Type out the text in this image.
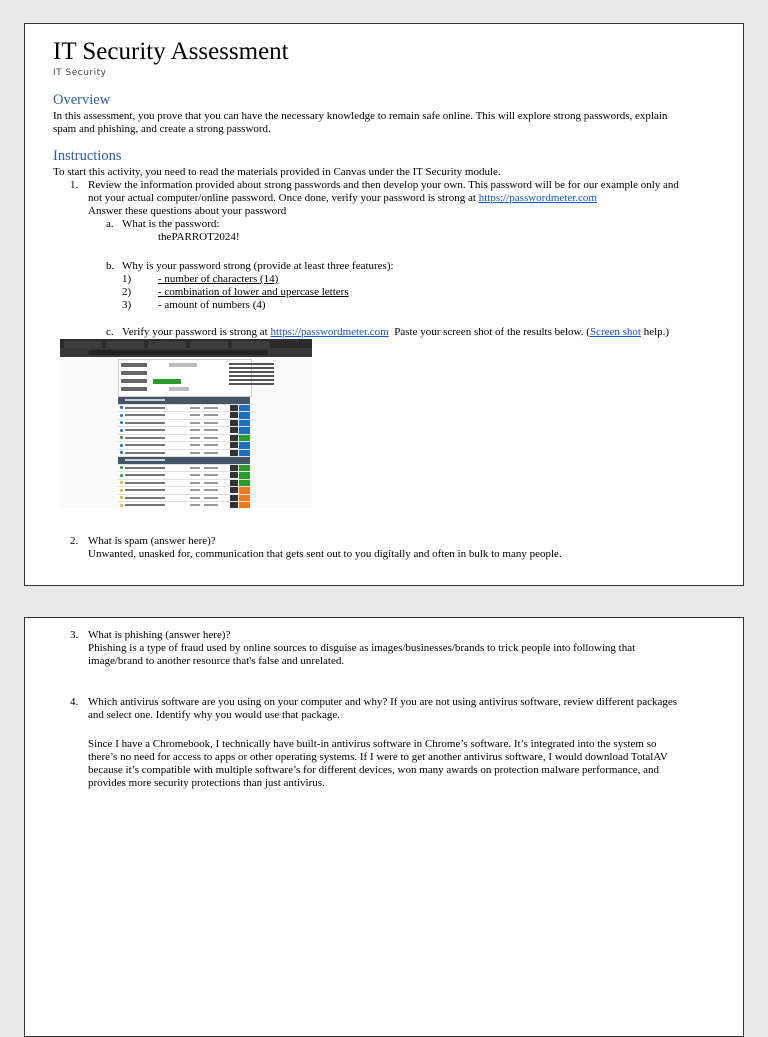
IT Security Assessment
IT Security
Overview
In this assessment, you prove that you can have the necessary knowledge to remain safe online. This will explore strong passwords, explain
spam and phishing, and create a strong password.
Instructions
To start this activity, you need to read the materials provided in Canvas under the IT Security module.
1. Review the information provided about strong passwords and then develop your own. This password will be for our example only and
not your actual computer/online password. Once done, verify your password is strong at https://passwordmeter.com
Answer these questions about your password
a. What is the password:
thePARROT2024!
b. Why is your password strong (provide at least three features):
1) - number of characters (14)
2) - combination of lower and upercase letters
3) - amount of numbers (4)
c. Verify your password is strong at https://passwordmeter.com Paste your screen shot of the results below. (Screen shot help.)
2. What is spam (answer here)?
Unwanted, unasked for, communication that gets sent out to you digitally and often in bulk to many people.
3. What is phishing (answer here)?
Phishing is a type of fraud used by online sources to disguise as images/businesses/brands to trick people into following that
image/brand to another resource that's false and unrelated.
4. Which antivirus software are you using on your computer and why? If you are not using antivirus software, review different packages
and select one. Identify why you would use that package.
Since I have a Chromebook, I technically have built-in antivirus software in Chrome’s software. It’s integrated into the system so
there’s no need for access to apps or other operating systems. If I were to get another antivirus software, I would download TotalAV
because it’s compatible with multiple software’s for different devices, won many awards on protection malware performance, and
provides more security protections than just antivirus.
